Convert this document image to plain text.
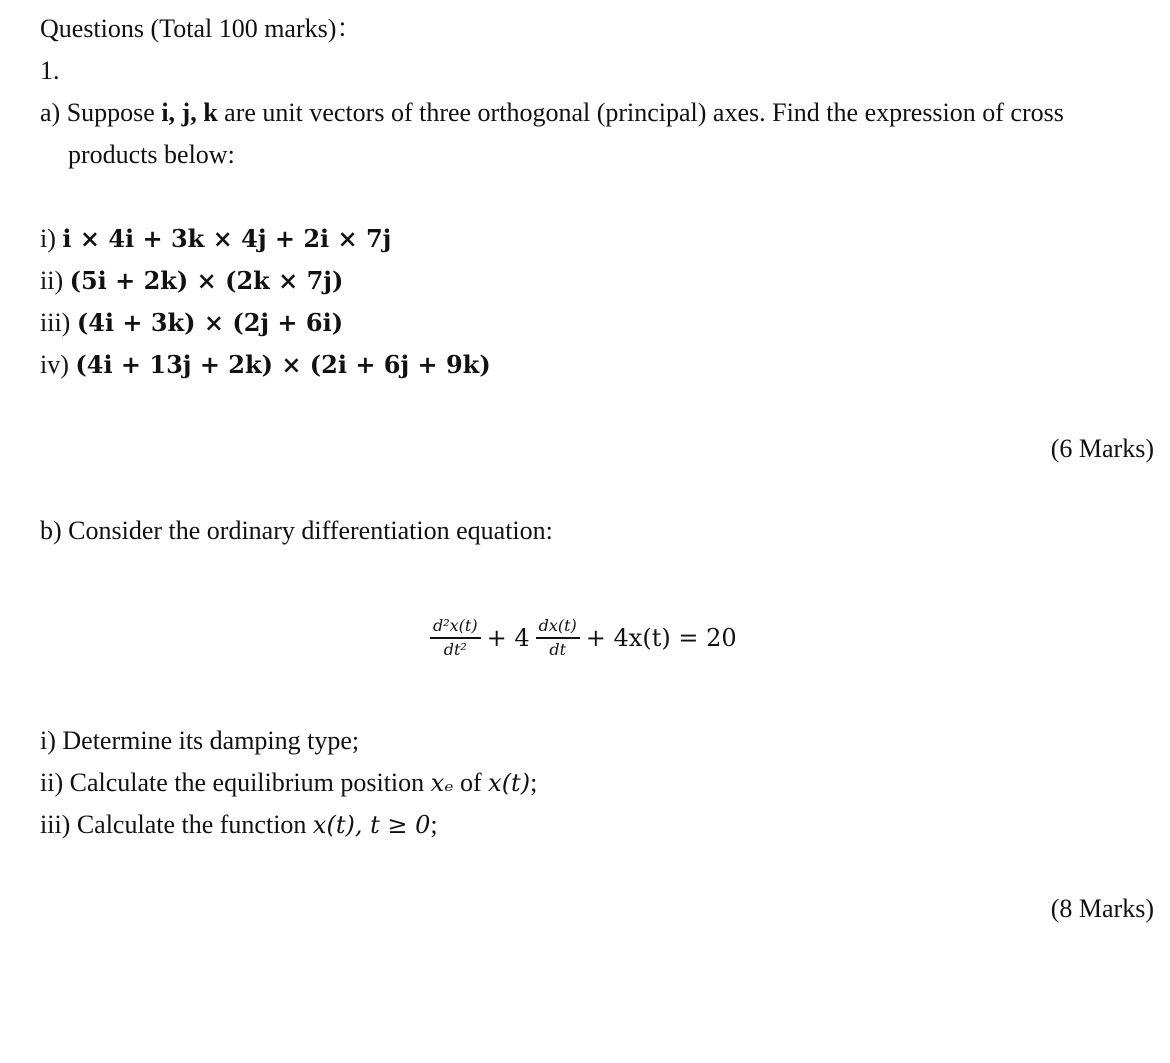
Questions (Total 100 marks)：
1.
a) Suppose i, j, k are unit vectors of three orthogonal (principal) axes. Find the expression of cross
products below:
i) i × 4i + 3k × 4j + 2i × 7j
ii) (5i + 2k) × (2k × 7j)
iii) (4i + 3k) × (2j + 6i)
iv) (4i + 13j + 2k) × (2i + 6j + 9k)
(6 Marks)
b) Consider the ordinary differentiation equation:
$\frac{\text{d²x(t)}}{\text{dt²}} + 4 \frac{dx(t)}{dt} + 4x(t) = 20$
i) Determine its damping type;
ii) Calculate the equilibrium position xₑ of x(t);
iii) Calculate the function x(t), t ≥ 0;
(8 Marks)
